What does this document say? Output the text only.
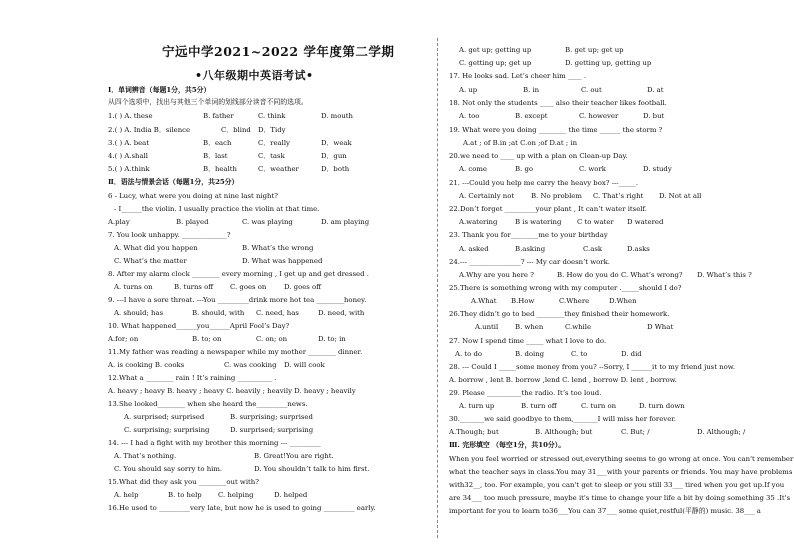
宁远中学2021~2022 学年度第二学期
•八年级期中英语考试•
Ⅰ．单词辨音（每题1分，共5分）
从四个选项中，找出与其他三个单词的划线部分读音不同的选项。
1.( ) A. these	B. father	C. think	D. mouth
2.( ) A. India B．silence	C．blind D．Tidy
3.( ) A. beat	B．each	C．really	D．weak
4.( ) A.shall	B．last	C．task	D．gun
5.( ) A.think	B．health	C．weather	D．both
Ⅱ．语法与情景会话（每题1分，共25分）
6 - Lucy, what were you doing at nine last night?
- I______the violin. I usually practice the violin at that time.
A.play	B. played	C. was playing	D. am playing
7. You look unhappy. _____________?
A. What did you happen	B. What’s the wrong
C. What’s the matter	D. What was happened
8. After my alarm clock ________ every morning , I get up and get dressed .
A. turns on	B. turns off C. goes on	D. goes off
9. ---I have a sore throat. ---You _________drink more hot tea ________honey.
A. should; has	B. should, with C. need, has	D. need, with
10. What happened______you______April Fool’s Day?
A.for; on	B. to; on	C. on; on	D. to; in
11.My father was reading a newspaper while my mother ________ dinner.
A. is cooking B. cooks	C. was cooking D. will cook
12.What a ________ rain ! It’s raining __________ .
A. heavy ; heavy B. heavy ; heavy C. heavily ; heavily D. heavy ; heavily
13.She looked________ when she heard the_________news.
A. surprised; surprised	B. surprising; surprised
C. surprising; surprising	D. surprised; surprising
14. --- I had a fight with my brother this morning --- _________
A. That’s nothing.	B. Great!You are right.
C. You should say sorry to him.	D. You shouldn’t talk to him first.
15.What did they ask you ________out with?
A. help	B. to help C. helping	D. helped
16.He used to _________very late, but now he is used to going _________ early.
A. get up; getting up	B. get up; get up
C. getting up; get up	D. getting up, getting up
17. He looks sad. Let’s cheer him ____ .
A. up	B. in	C. out	D. at
18. Not only the students ____ also their teacher likes football.
A. too	B. except	C. however	D. but
19. What were you doing ________ the time ______ the storm ?
A.at ; of B.in ;at C.on ;of D.at ; in
20.we need to ____ up with a plan on Clean-up Day.
A. come	B. go	C. work	D. study
21. ---Could you help me carry the heavy box? ---_____.
A. Certainly not B. No problem C. That’s right D. Not at all
22.Don’t forget _________your plant , It can’t water itself.
A.watering	B is watering C to water D watered
23. Thank you for________me to your birthday
A. asked	B.asking	C.ask	D.asks
24.--- _______________? --- My car doesn’t work.
A.Why are you here ?	B. How do you do C. What’s wrong? D. What’s this ?
25.There is something wrong with my computer ._____should I do?
A.What B.How	C.Where	D.When
26.They didn’t go to bed ________they finished their homework.
A.until B. when	C.while	D What
27. Now I spend time _____ what I love to do.
A. to do	B. doing	C. to	D. did
28. --- Could I _____some money from you? --Sorry, I ______it to my friend just now.
A. borrow , lent B. borrow ,lend C. lend , borrow D. lent , borrow.
29. Please __________the radio. It’s too loud.
A. turn up	B. turn off	C. turn on	D. turn down
30._______we said goodbye to them,_______I will miss her forever.
A.Though; but	B. Although; but	C. But; /	D. Although; /
Ⅲ. 完形填空 （每空1分，共10分）。
When you feel worried or stressed out,everything seems to go wrong at once. You can't remember
what the teacher says in class.You may 31___with your parents or friends. You may have problems
with32__, too. For example, you can't get to sleep or you still 33___ tired when you get up.If you
are 34___ too much pressure, maybe it's time to change your life a bit by doing something 35 .It's
important for you to learn to36___You can 37___ some quiet,restful(平静的) music. 38___ a
